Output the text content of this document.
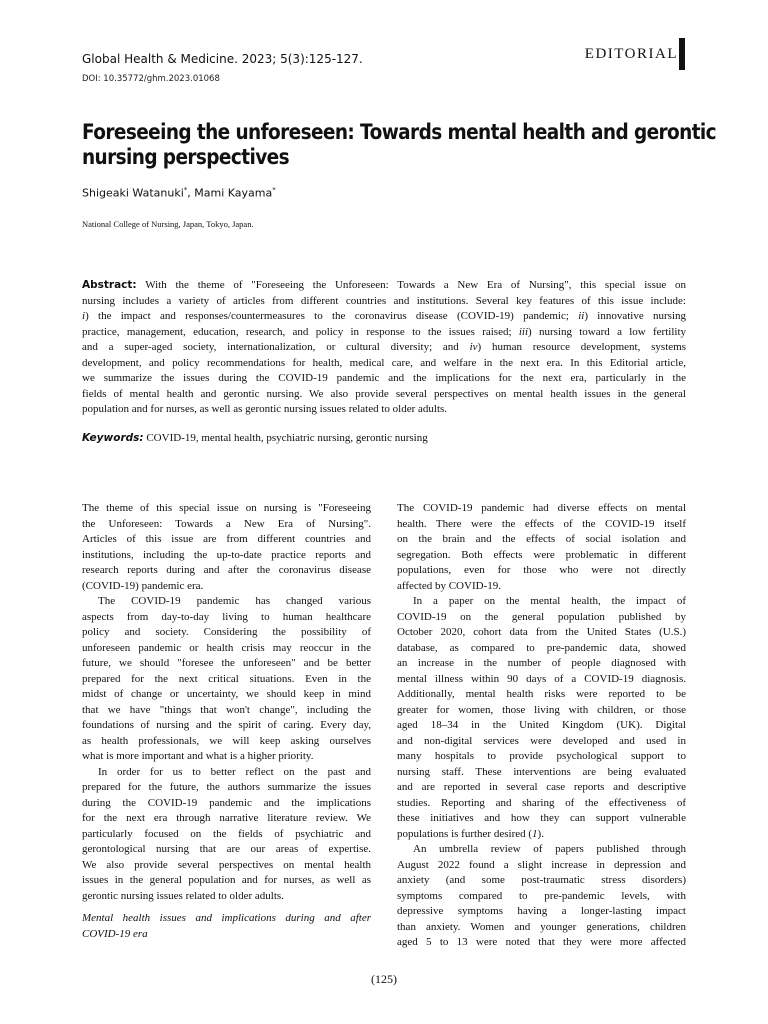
Global Health & Medicine. 2023; 5(3):125-127.
DOI: 10.35772/ghm.2023.01068
EDITORIAL
Foreseeing the unforeseen: Towards mental health and gerontic
nursing perspectives
Shigeaki Watanuki*, Mami Kayama*
National College of Nursing, Japan, Tokyo, Japan.
Abstract: With the theme of "Foreseeing the Unforeseen: Towards a New Era of Nursing", this special issue on
nursing includes a variety of articles from different countries and institutions. Several key features of this issue include:
i) the impact and responses/countermeasures to the coronavirus disease (COVID-19) pandemic; ii) innovative nursing
practice, management, education, research, and policy in response to the issues raised; iii) nursing toward a low fertility
and a super-aged society, internationalization, or cultural diversity; and iv) human resource development, systems
development, and policy recommendations for health, medical care, and welfare in the next era. In this Editorial article,
we summarize the issues during the COVID-19 pandemic and the implications for the next era, particularly in the
fields of mental health and gerontic nursing. We also provide several perspectives on mental health issues in the general
population and for nurses, as well as gerontic nursing issues related to older adults.
Keywords: COVID-19, mental health, psychiatric nursing, gerontic nursing
The theme of this special issue on nursing is "Foreseeing
the Unforeseen: Towards a New Era of Nursing".
Articles of this issue are from different countries and
institutions, including the up-to-date practice reports and
research reports during and after the coronavirus disease
(COVID-19) pandemic era.
The COVID-19 pandemic has changed various
aspects from day-to-day living to human healthcare
policy and society. Considering the possibility of
unforeseen pandemic or health crisis may reoccur in the
future, we should "foresee the unforeseen" and be better
prepared for the next critical situations. Even in the
midst of change or uncertainty, we should keep in mind
that we have "things that won't change", including the
foundations of nursing and the spirit of caring. Every day,
as health professionals, we will keep asking ourselves
what is more important and what is a higher priority.
In order for us to better reflect on the past and
prepared for the future, the authors summarize the issues
during the COVID-19 pandemic and the implications
for the next era through narrative literature review. We
particularly focused on the fields of psychiatric and
gerontological nursing that are our areas of expertise.
We also provide several perspectives on mental health
issues in the general population and for nurses, as well as
gerontic nursing issues related to older adults.
Mental health issues and implications during and after
COVID-19 era
The COVID-19 pandemic had diverse effects on mental
health. There were the effects of the COVID-19 itself
on the brain and the effects of social isolation and
segregation. Both effects were problematic in different
populations, even for those who were not directly
affected by COVID-19.
In a paper on the mental health, the impact of
COVID-19 on the general population published by
October 2020, cohort data from the United States (U.S.)
database, as compared to pre-pandemic data, showed
an increase in the number of people diagnosed with
mental illness within 90 days of a COVID-19 diagnosis.
Additionally, mental health risks were reported to be
greater for women, those living with children, or those
aged 18–34 in the United Kingdom (UK). Digital
and non-digital services were developed and used in
many hospitals to provide psychological support to
nursing staff. These interventions are being evaluated
and are reported in several case reports and descriptive
studies. Reporting and sharing of the effectiveness of
these initiatives and how they can support vulnerable
populations is further desired (1).
An umbrella review of papers published through
August 2022 found a slight increase in depression and
anxiety (and some post-traumatic stress disorders)
symptoms compared to pre-pandemic levels, with
depressive symptoms having a longer-lasting impact
than anxiety. Women and younger generations, children
aged 5 to 13 were noted that they were more affected
(125)
